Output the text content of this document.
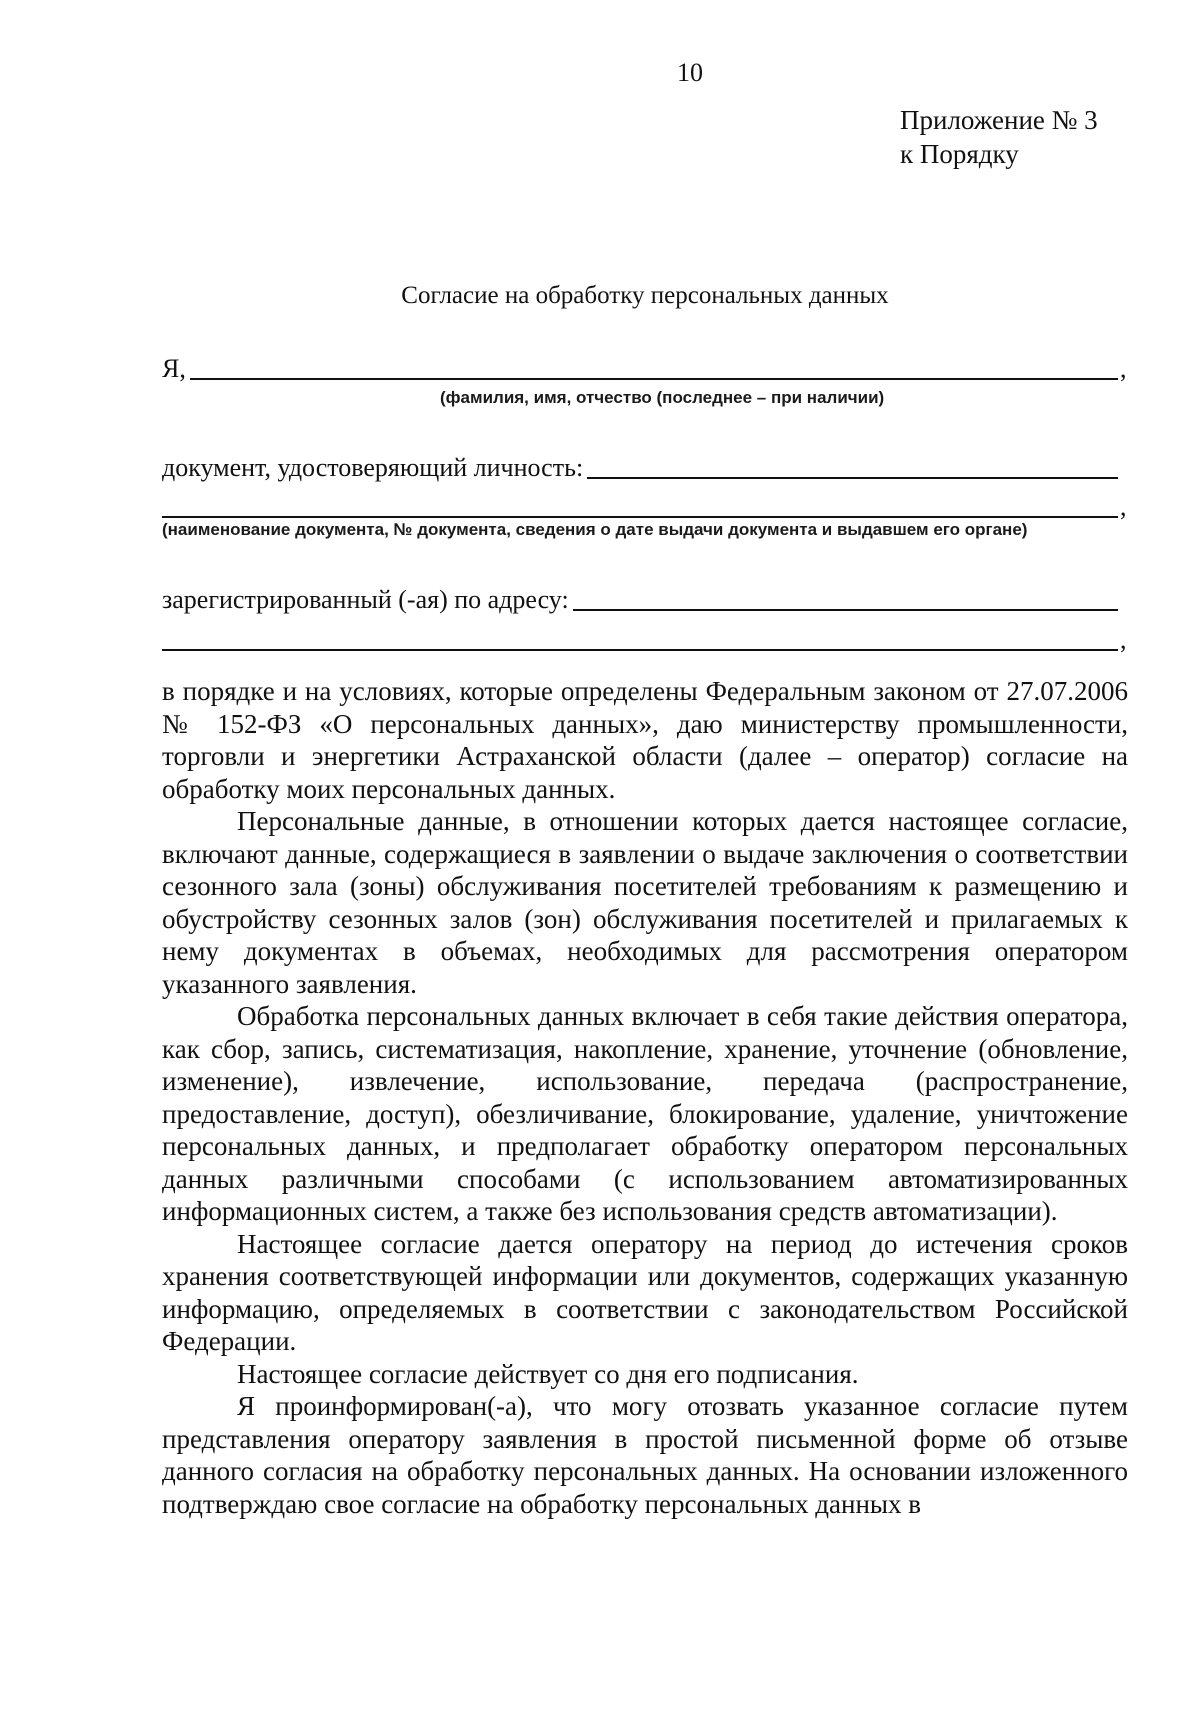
10
Приложение № 3
к Порядку
Согласие на обработку персональных данных
Я,	,
(фамилия, имя, отчество (последнее – при наличии)
документ, удостоверяющий личность:
,
(наименование документа, № документа, сведения о дате выдачи документа и выдавшем его органе)
зарегистрированный (-ая) по адресу:
,

в порядке и на условиях, которые определены Федеральным законом от 27.07.2006 № 152-ФЗ «О персональных данных», даю министерству промышленности, торговли и энергетики Астраханской области (далее – оператор) согласие на обработку моих персональных данных.

Персональные данные, в отношении которых дается настоящее согласие, включают данные, содержащиеся в заявлении о выдаче заключения о соответствии сезонного зала (зоны) обслуживания посетителей требованиям к размещению и обустройству сезонных залов (зон) обслуживания посетителей и прилагаемых к нему документах в объемах, необходимых для рассмотрения оператором указанного заявления.

Обработка персональных данных включает в себя такие действия оператора, как сбор, запись, систематизация, накопление, хранение, уточнение (обновление, изменение), извлечение, использование, передача (распространение, предоставление, доступ), обезличивание, блокирование, удаление, уничтожение персональных данных, и предполагает обработку оператором персональных данных различными способами (с использованием автоматизированных информационных систем, а также без использования средств автоматизации).

Настоящее согласие дается оператору на период до истечения сроков хранения соответствующей информации или документов, содержащих указанную информацию, определяемых в соответствии с законодательством Российской Федерации.

Настоящее согласие действует со дня его подписания.

Я проинформирован(-а), что могу отозвать указанное согласие путем представления оператору заявления в простой письменной форме об отзыве данного согласия на обработку персональных данных. На основании изложенного подтверждаю свое согласие на обработку персональных данных в
